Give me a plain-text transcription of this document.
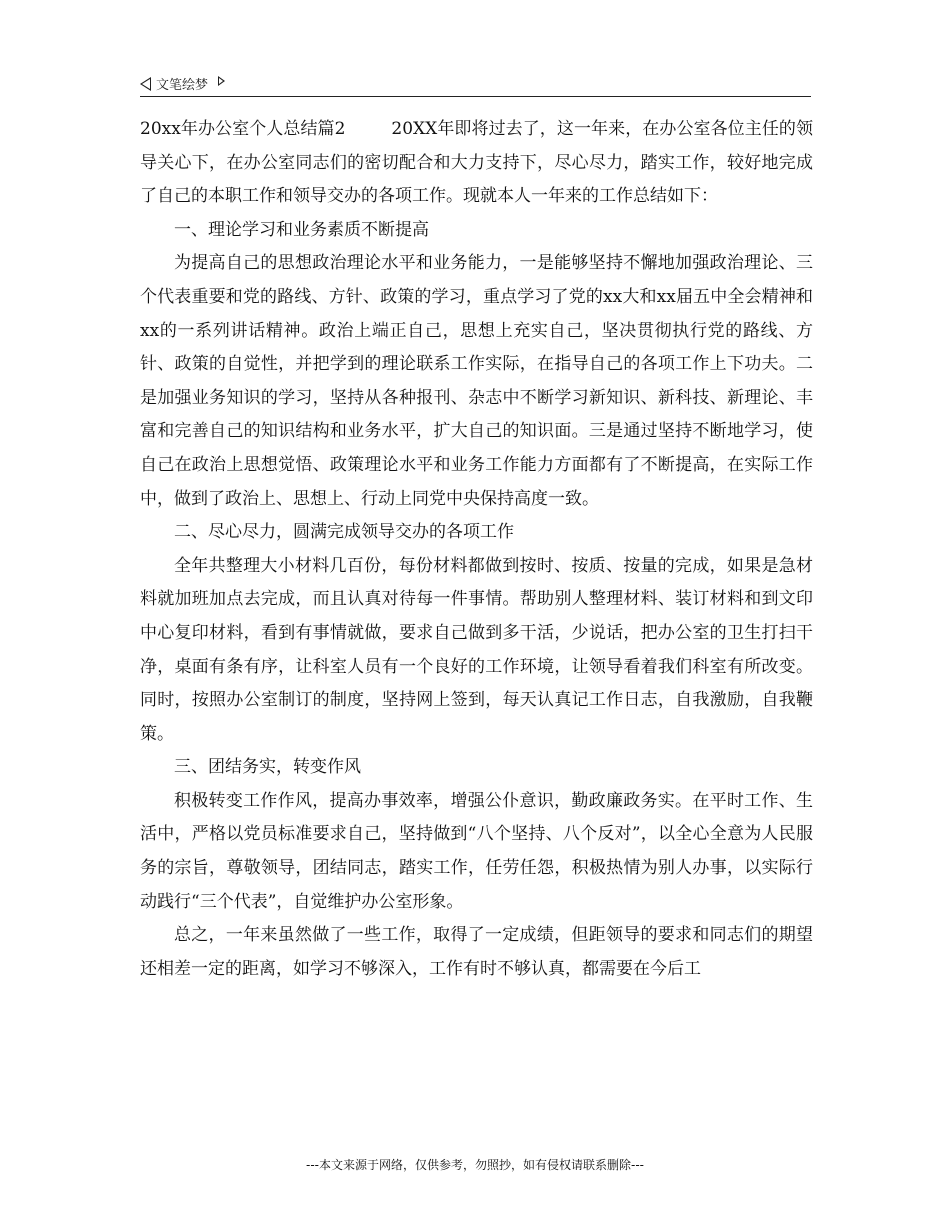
文笔绘梦

20xx年办公室个人总结篇2	20XX年即将过去了，这一年来，在办公室各位主任的领导关心下，在办公室同志们的密切配合和大力支持下，尽心尽力，踏实工作，较好地完成了自己的本职工作和领导交办的各项工作。现就本人一年来的工作总结如下：

一、理论学习和业务素质不断提高

为提高自己的思想政治理论水平和业务能力，一是能够坚持不懈地加强政治理论、三个代表重要和党的路线、方针、政策的学习，重点学习了党的xx大和xx届五中全会精神和xx的一系列讲话精神。政治上端正自己，思想上充实自己，坚决贯彻执行党的路线、方针、政策的自觉性，并把学到的理论联系工作实际，在指导自己的各项工作上下功夫。二是加强业务知识的学习，坚持从各种报刊、杂志中不断学习新知识、新科技、新理论、丰富和完善自己的知识结构和业务水平，扩大自己的知识面。三是通过坚持不断地学习，使自己在政治上思想觉悟、政策理论水平和业务工作能力方面都有了不断提高，在实际工作中，做到了政治上、思想上、行动上同党中央保持高度一致。

二、尽心尽力，圆满完成领导交办的各项工作

全年共整理大小材料几百份，每份材料都做到按时、按质、按量的完成，如果是急材料就加班加点去完成，而且认真对待每一件事情。帮助别人整理材料、装订材料和到文印中心复印材料，看到有事情就做，要求自己做到多干活，少说话，把办公室的卫生打扫干净，桌面有条有序，让科室人员有一个良好的工作环境，让领导看着我们科室有所改变。同时，按照办公室制订的制度，坚持网上签到，每天认真记工作日志，自我激励，自我鞭策。

三、团结务实，转变作风

积极转变工作作风，提高办事效率，增强公仆意识，勤政廉政务实。在平时工作、生活中，严格以党员标准要求自己，坚持做到“八个坚持、八个反对”，以全心全意为人民服务的宗旨，尊敬领导，团结同志，踏实工作，任劳任怨，积极热情为别人办事，以实际行动践行“三个代表”，自觉维护办公室形象。

总之，一年来虽然做了一些工作，取得了一定成绩，但距领导的要求和同志们的期望还相差一定的距离，如学习不够深入，工作有时不够认真，都需要在今后工

---本文来源于网络，仅供参考，勿照抄，如有侵权请联系删除---
